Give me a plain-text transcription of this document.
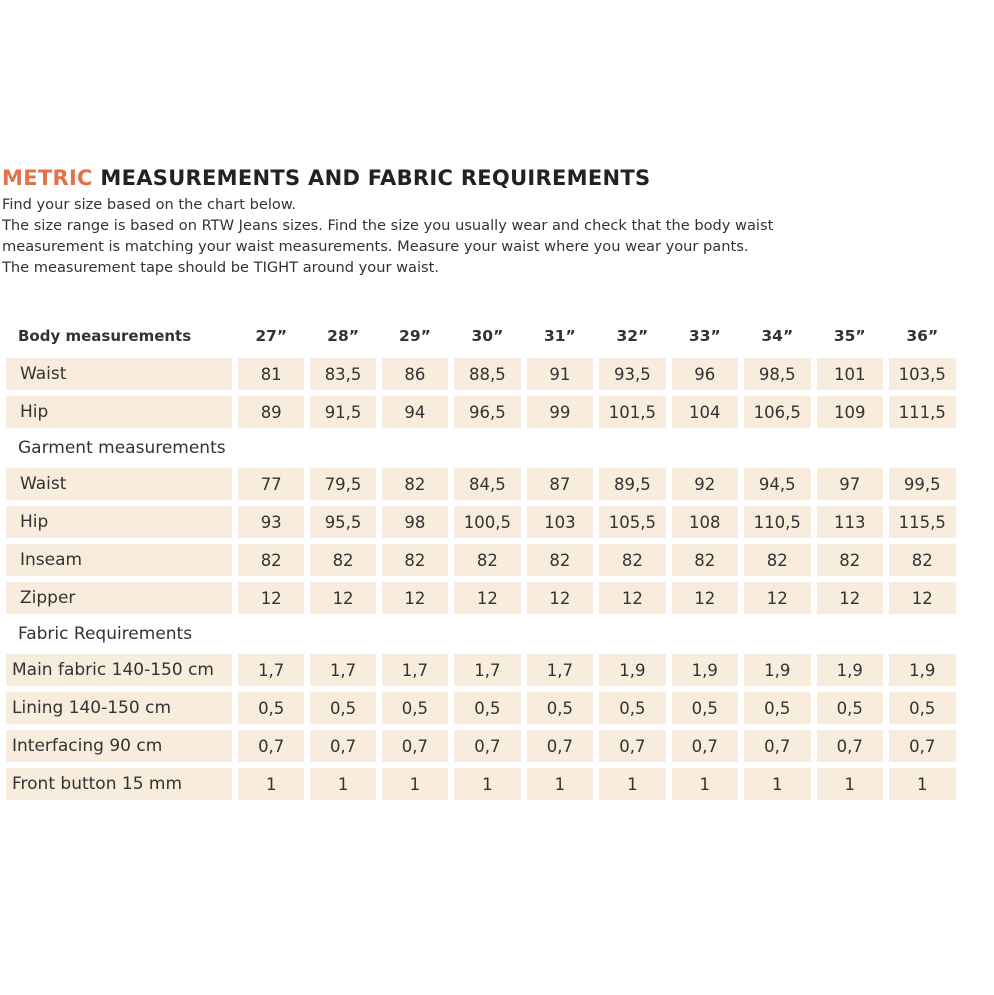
METRIC MEASUREMENTS AND FABRIC REQUIREMENTS

Find your size based on the chart below.

The size range is based on RTW Jeans sizes. Find the size you usually wear and check that the body waist

measurement is matching your waist measurements. Measure your waist where you wear your pants.

The measurement tape should be TIGHT around your waist.

Body measurements	27”	28”	29”	30”	31”	32”	33”	34”	35”	36”
Waist	81	83,5	86	88,5	91	93,5	96	98,5	101	103,5
Hip	89	91,5	94	96,5	99	101,5	104	106,5	109	111,5
Garment measurements										
Waist	77	79,5	82	84,5	87	89,5	92	94,5	97	99,5
Hip	93	95,5	98	100,5	103	105,5	108	110,5	113	115,5
Inseam	82	82	82	82	82	82	82	82	82	82
Zipper	12	12	12	12	12	12	12	12	12	12
Fabric Requirements										
Main fabric 140-150 cm	1,7	1,7	1,7	1,7	1,7	1,9	1,9	1,9	1,9	1,9
Lining 140-150 cm	0,5	0,5	0,5	0,5	0,5	0,5	0,5	0,5	0,5	0,5
Interfacing 90 cm	0,7	0,7	0,7	0,7	0,7	0,7	0,7	0,7	0,7	0,7
Front button 15 mm	1	1	1	1	1	1	1	1	1	1
